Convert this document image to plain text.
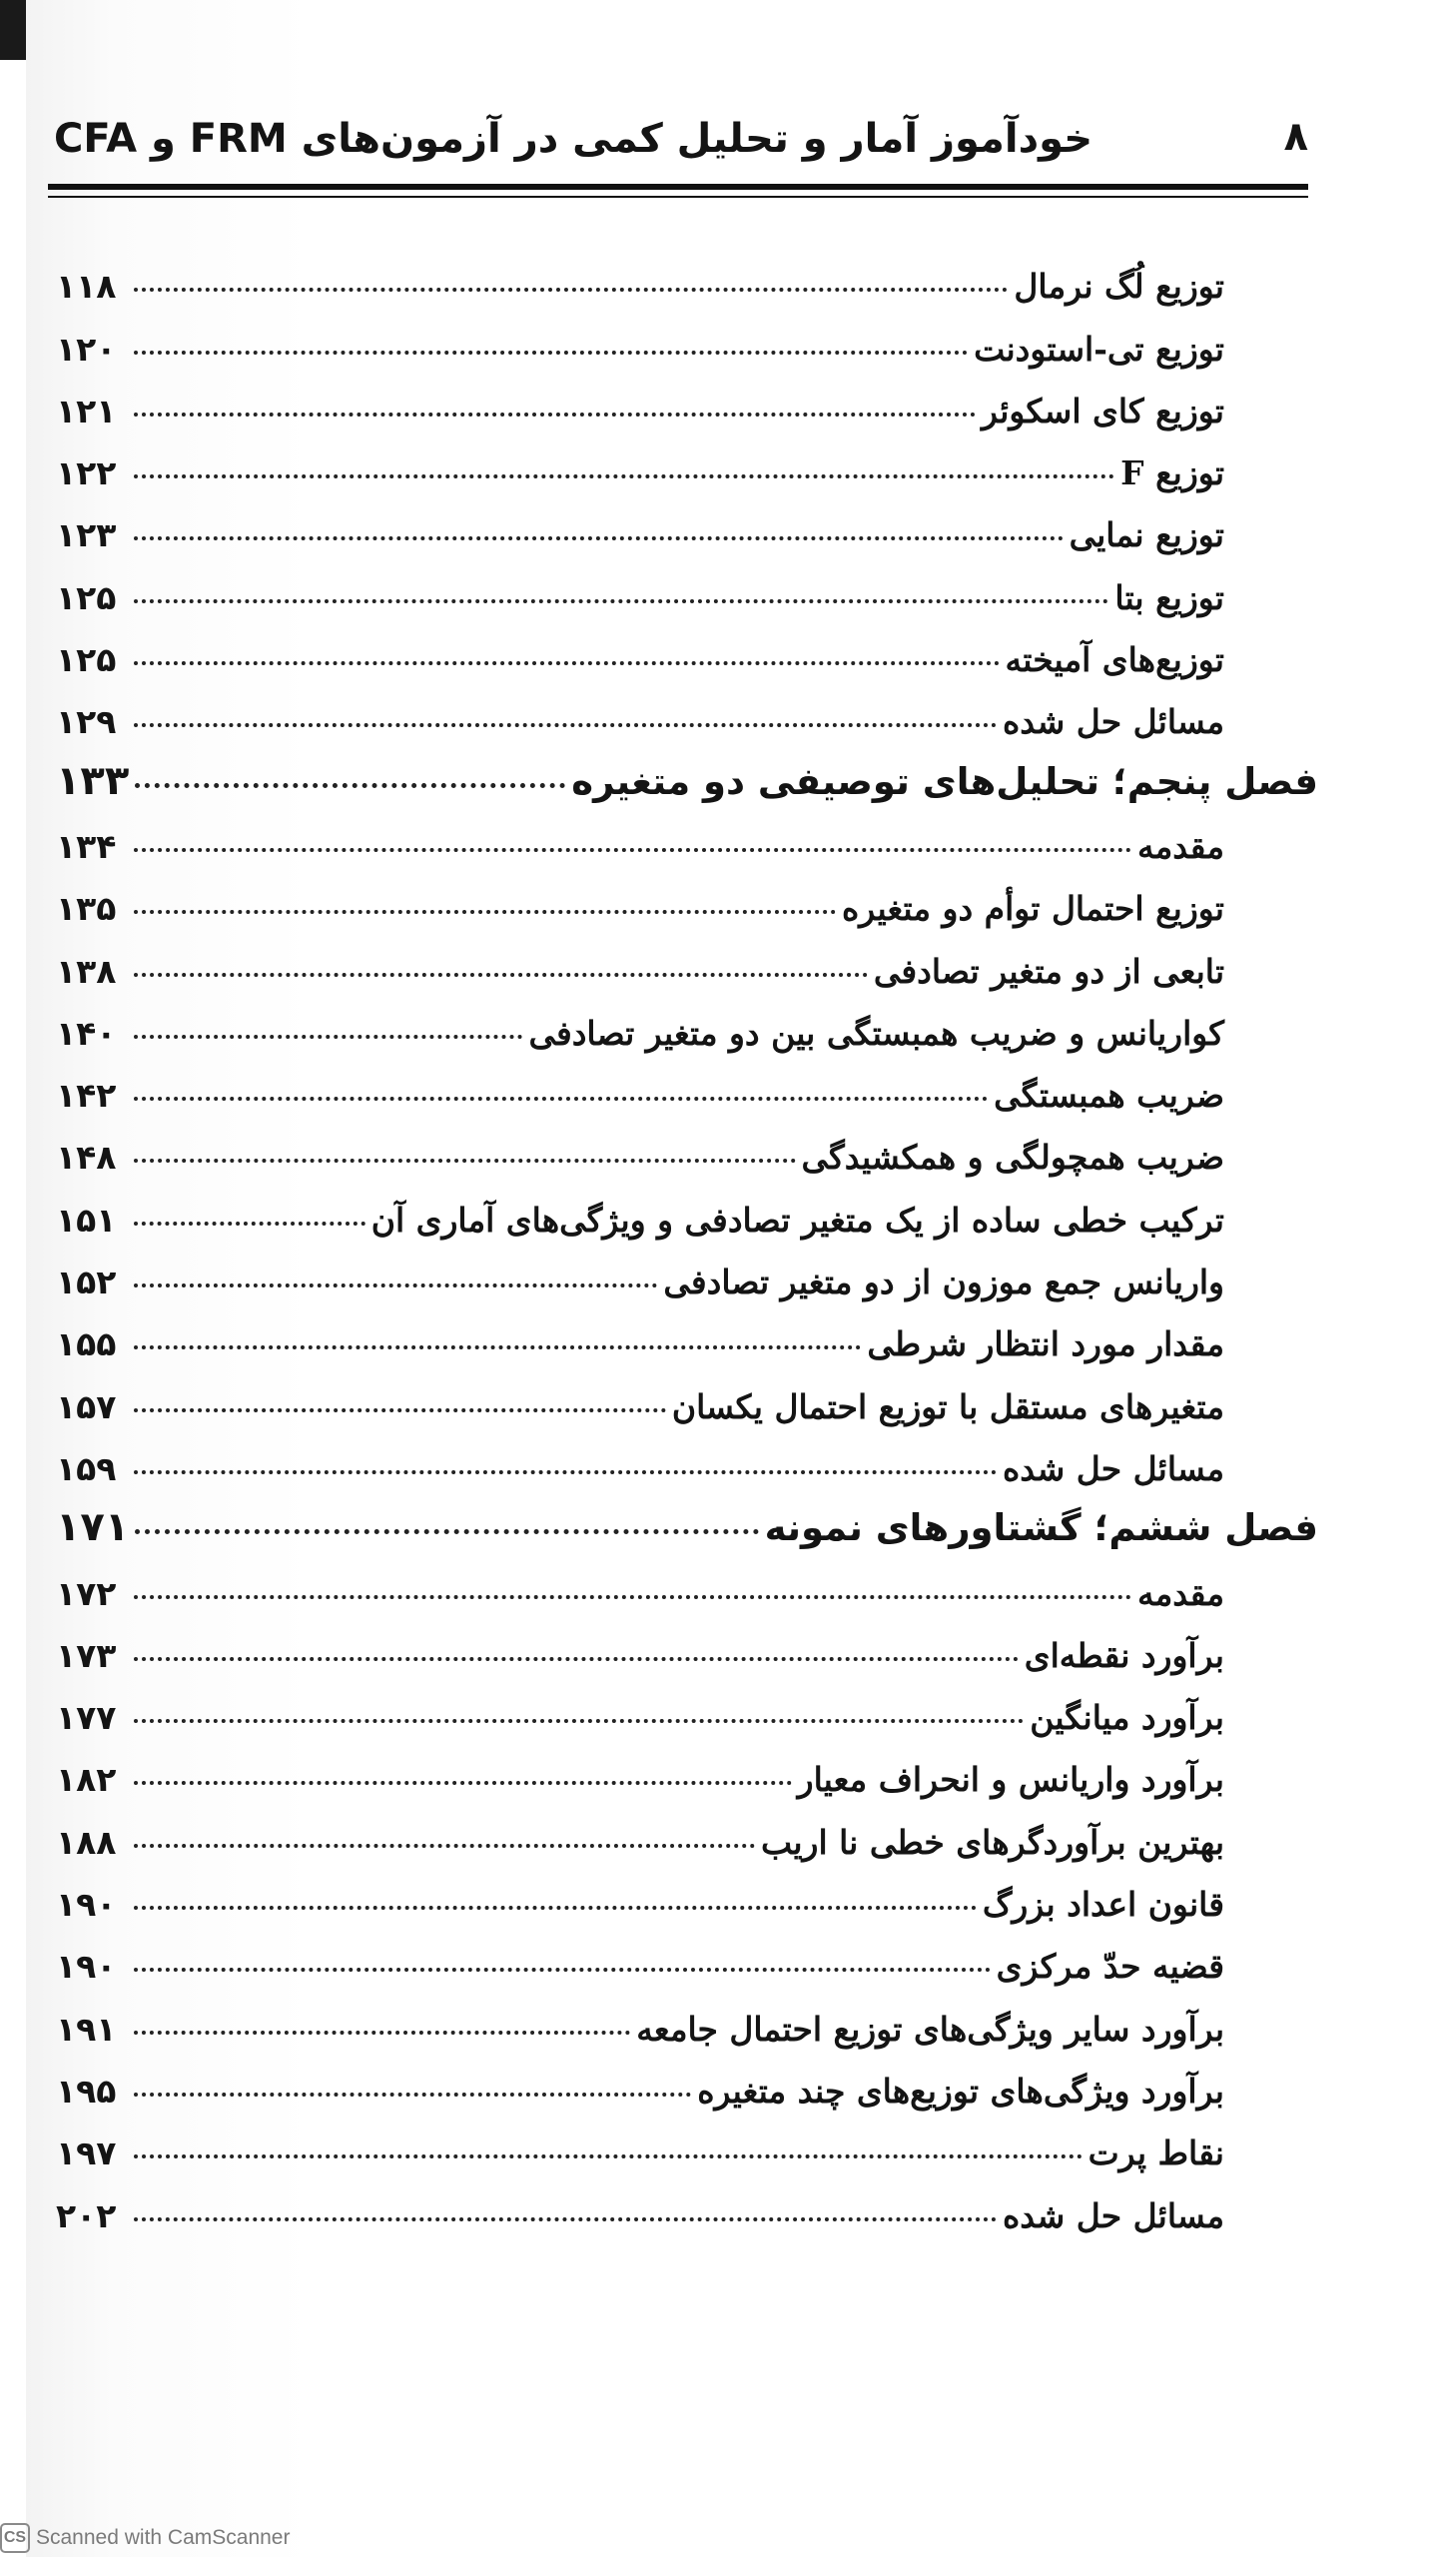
۸
خودآموز آمار و تحلیل کمی در آزمون‌های FRM و CFA
توزیع لُگ نرمال
۱۱۸
توزیع تی-استودنت
۱۲۰
توزیع کای اسکوئر
۱۲۱
توزیع F
۱۲۲
توزیع نمایی
۱۲۳
توزیع بتا
۱۲۵
توزیع‌های آمیخته
۱۲۵
مسائل حل شده
۱۲۹
فصل پنجم؛ تحلیل‌های توصیفی دو متغیره
۱۳۳
مقدمه
۱۳۴
توزیع احتمال توأم دو متغیره
۱۳۵
تابعی از دو متغیر تصادفی
۱۳۸
کواریانس و ضریب همبستگی بین دو متغیر تصادفی
۱۴۰
ضریب همبستگی
۱۴۲
ضریب همچولگی و همکشیدگی
۱۴۸
ترکیب خطی ساده از یک متغیر تصادفی و ویژگی‌های آماری آن
۱۵۱
واریانس جمع موزون از دو متغیر تصادفی
۱۵۲
مقدار مورد انتظار شرطی
۱۵۵
متغیرهای مستقل با توزیع احتمال یکسان
۱۵۷
مسائل حل شده
۱۵۹
فصل ششم؛ گشتاورهای نمونه
۱۷۱
مقدمه
۱۷۲
برآورد نقطه‌ای
۱۷۳
برآورد میانگین
۱۷۷
برآورد واریانس و انحراف معیار
۱۸۲
بهترین برآوردگرهای خطی نا اریب
۱۸۸
قانون اعداد بزرگ
۱۹۰
قضیه حدّ مرکزی
۱۹۰
برآورد سایر ویژگی‌های توزیع احتمال جامعه
۱۹۱
برآورد ویژگی‌های توزیع‌های چند متغیره
۱۹۵
نقاط پرت
۱۹۷
مسائل حل شده
۲۰۲
CS Scanned with CamScanner
